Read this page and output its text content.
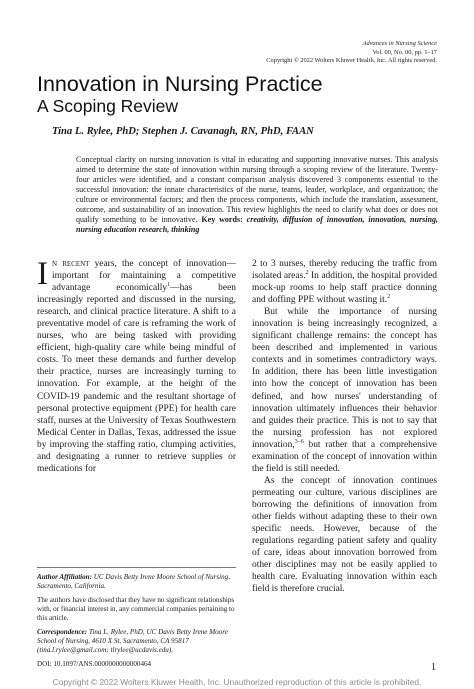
Advances in Nursing Science
Vol. 00, No. 00, pp. 1–17
Copyright © 2022 Wolters Kluwer Health, Inc. All rights reserved.
Innovation in Nursing Practice
A Scoping Review

Tina L. Rylee, PhD; Stephen J. Cavanagh, RN, PhD, FAAN

Conceptual clarity on nursing innovation is vital in educating and supporting innovative nurses. This analysis aimed to determine the state of innovation within nursing through a scoping review of the literature. Twenty-four articles were identified, and a constant comparison analysis discovered 3 components essential to the successful innovation: the innate characteristics of the nurse, teams, leader, workplace, and organization; the culture or environmental factors; and then the process components, which include the translation, assessment, outcome, and sustainability of an innovation. This review highlights the need to clarify what does or does not qualify something to be innovative. Key words: creativity, diffusion of innovation, innovation, nursing, nursing education research, thinking

In recent years, the concept of innovation—important for maintaining a competitive advantage economically$^1$—has been increasingly reported and discussed in the nursing, research, and clinical practice literature. A shift to a preventative model of care is reframing the work of nurses, who are being tasked with providing efficient, high-quality care while being mindful of costs. To meet these demands and further develop their practice, nurses are increasingly turning to innovation. For example, at the height of the COVID-19 pandemic and the resultant shortage of personal protective equipment (PPE) for health care staff, nurses at the University of Texas Southwestern Medical Center in Dallas, Texas, addressed the issue by improving the staffing ratio, clumping activities, and designating a runner to retrieve supplies or medications for

2 to 3 nurses, thereby reducing the traffic from isolated areas.$^2$ In addition, the hospital provided mock-up rooms to help staff practice donning and doffing PPE without wasting it.$^2$

But while the importance of nursing innovation is being increasingly recognized, a significant challenge remains: the concept has been described and implemented in various contexts and in sometimes contradictory ways. In addition, there has been little investigation into how the concept of innovation has been defined, and how nurses' understanding of innovation ultimately influences their behavior and guides their practice. This is not to say that the nursing profession has not explored innovation,$^{3-6}$ but rather that a comprehensive examination of the concept of innovation within the field is still needed.

As the concept of innovation continues permeating our culture, various disciplines are borrowing the definitions of innovation from other fields without adapting these to their own specific needs. However, because of the regulations regarding patient safety and quality of care, ideas about innovation borrowed from other disciplines may not be easily applied to health care. Evaluating innovation within each field is therefore crucial.

Author Affiliation: UC Davis Betty Irene Moore School of Nursing, Sacramento, California.

The authors have disclosed that they have no significant relationships with, or financial interest in, any commercial companies pertaining to this article.

Correspondence: Tina L. Rylee, PhD, UC Davis Betty Irene Moore School of Nursing, 4610 X St, Sacramento, CA 95817 (tina.l.rylee@gmail.com; tlrylee@ucdavis.edu).

DOI: 10.1097/ANS.0000000000000464	1
Copyright © 2022 Wolters Kluwer Health, Inc. Unauthorized reproduction of this article is prohibited.
